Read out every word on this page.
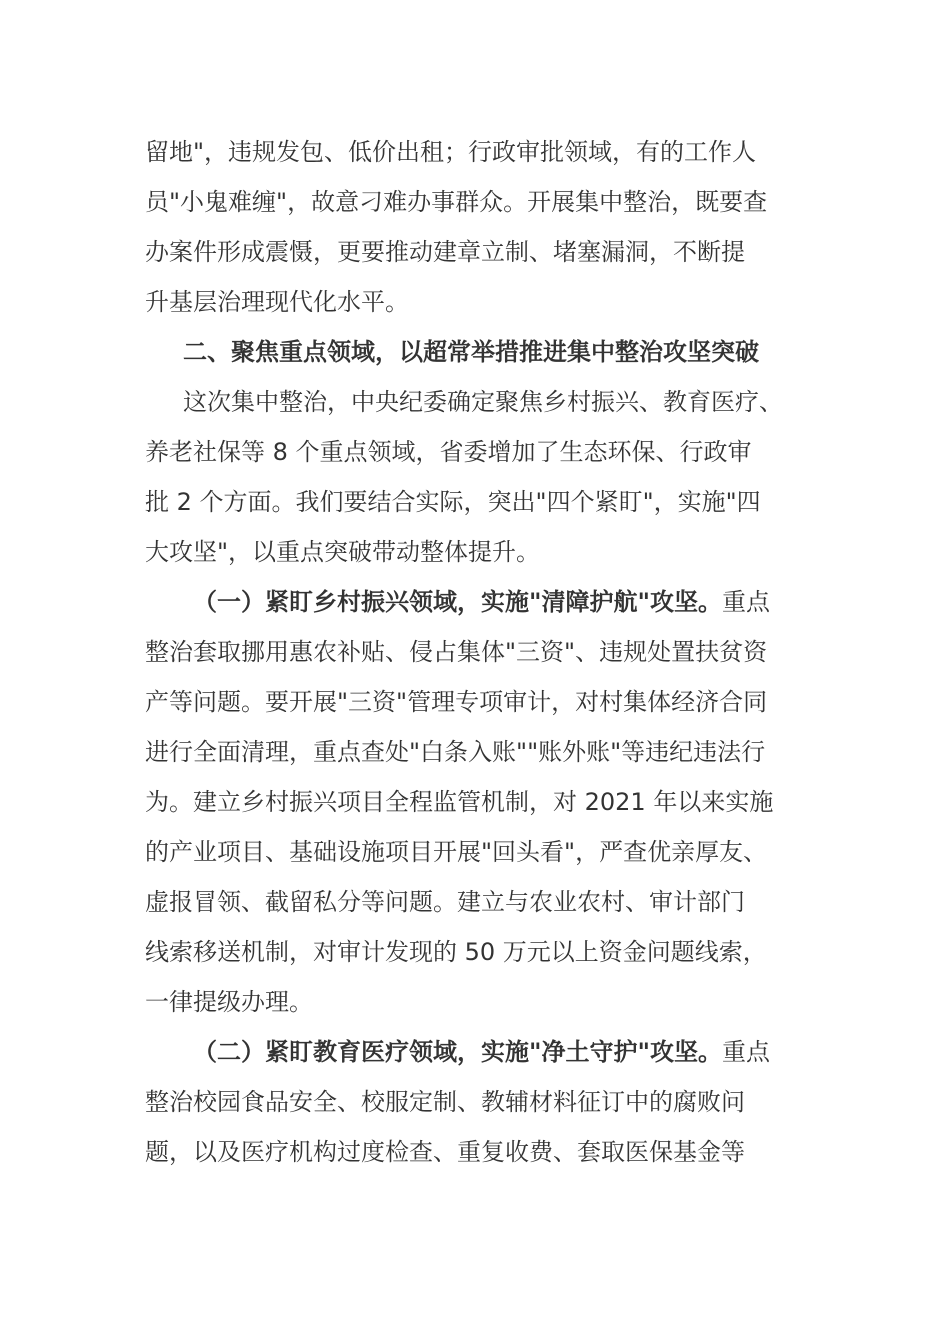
留地"，违规发包、低价出租；行政审批领域，有的工作人
员"小鬼难缠"，故意刁难办事群众。开展集中整治，既要查
办案件形成震慑，更要推动建章立制、堵塞漏洞，不断提
升基层治理现代化水平。
二、聚焦重点领域，以超常举措推进集中整治攻坚突破
这次集中整治，中央纪委确定聚焦乡村振兴、教育医疗、
养老社保等 8 个重点领域，省委增加了生态环保、行政审
批 2 个方面。我们要结合实际，突出"四个紧盯"，实施"四
大攻坚"，以重点突破带动整体提升。
（一）紧盯乡村振兴领域，实施"清障护航"攻坚。重点
整治套取挪用惠农补贴、侵占集体"三资"、违规处置扶贫资
产等问题。要开展"三资"管理专项审计，对村集体经济合同
进行全面清理，重点查处"白条入账""账外账"等违纪违法行
为。建立乡村振兴项目全程监管机制，对 2021 年以来实施
的产业项目、基础设施项目开展"回头看"，严查优亲厚友、
虚报冒领、截留私分等问题。建立与农业农村、审计部门
线索移送机制，对审计发现的 50 万元以上资金问题线索，
一律提级办理。
（二）紧盯教育医疗领域，实施"净土守护"攻坚。重点
整治校园食品安全、校服定制、教辅材料征订中的腐败问
题，以及医疗机构过度检查、重复收费、套取医保基金等
